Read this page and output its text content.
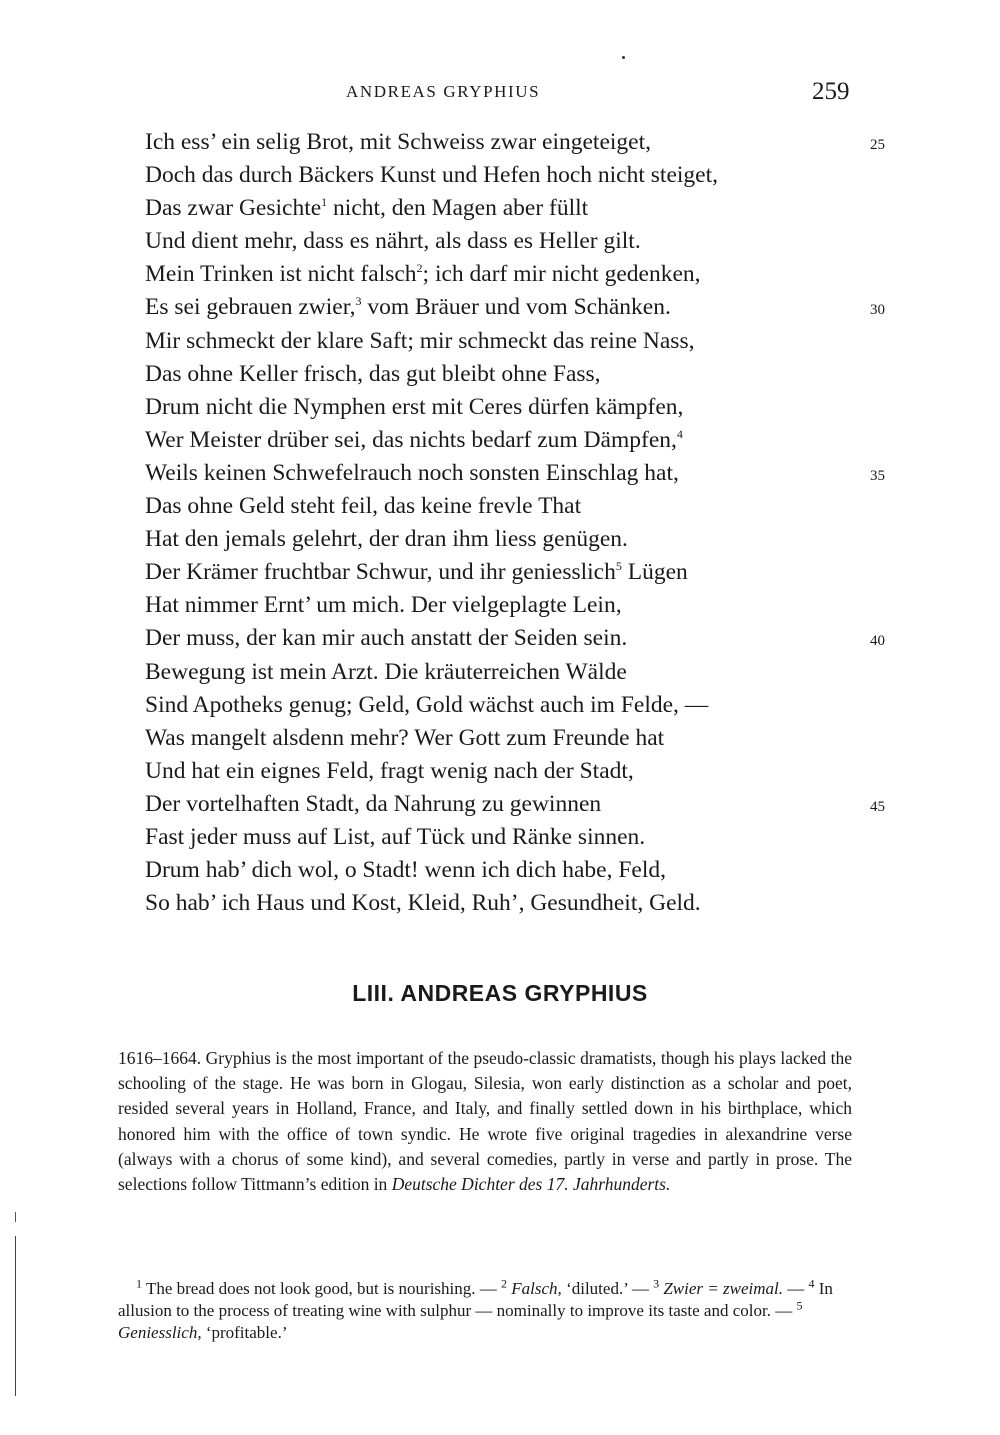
ANDREAS GRYPHIUS	259
Ich ess’ ein selig Brot, mit Schweiss zwar eingeteiget,	25
Doch das durch Bäckers Kunst und Hefen hoch nicht steiget,
Das zwar Gesichte$^1$ nicht, den Magen aber füllt
Und dient mehr, dass es nährt, als dass es Heller gilt.
Mein Trinken ist nicht falsch$^2$; ich darf mir nicht gedenken,
Es sei gebrauen zwier,$^3$ vom Bräuer und vom Schänken.	30
Mir schmeckt der klare Saft; mir schmeckt das reine Nass,
Das ohne Keller frisch, das gut bleibt ohne Fass,
Drum nicht die Nymphen erst mit Ceres dürfen kämpfen,
Wer Meister drüber sei, das nichts bedarf zum Dämpfen,$^4$
Weils keinen Schwefelrauch noch sonsten Einschlag hat,	35
Das ohne Geld steht feil, das keine frevle That
Hat den jemals gelehrt, der dran ihm liess genügen.
Der Krämer fruchtbar Schwur, und ihr geniesslich$^5$ Lügen
Hat nimmer Ernt’ um mich. Der vielgeplagte Lein,
Der muss, der kan mir auch anstatt der Seiden sein.	40
Bewegung ist mein Arzt. Die kräuterreichen Wälde
Sind Apotheks genug; Geld, Gold wächst auch im Felde, —
Was mangelt alsdenn mehr? Wer Gott zum Freunde hat
Und hat ein eignes Feld, fragt wenig nach der Stadt,
Der vortelhaften Stadt, da Nahrung zu gewinnen	45
Fast jeder muss auf List, auf Tück und Ränke sinnen.
Drum hab’ dich wol, o Stadt! wenn ich dich habe, Feld,
So hab’ ich Haus und Kost, Kleid, Ruh’, Gesundheit, Geld.
LIII. ANDREAS GRYPHIUS

1616–1664. Gryphius is the most important of the pseudo-classic dramatists, though his plays lacked the schooling of the stage. He was born in Glogau, Silesia, won early distinction as a scholar and poet, resided several years in Holland, France, and Italy, and finally settled down in his birthplace, which honored him with the office of town syndic. He wrote five original tragedies in alexandrine verse (always with a chorus of some kind), and several comedies, partly in verse and partly in prose. The selections follow Tittmann’s edition in Deutsche Dichter des 17. Jahrhunderts.

$^1$ The bread does not look good, but is nourishing. — $^2$ Falsch, ‘diluted.’ — $^3$ Zwier = zweimal. — $^4$ In allusion to the process of treating wine with sulphur — nominally to improve its taste and color. — $^5$ Geniesslich, ‘profitable.’
